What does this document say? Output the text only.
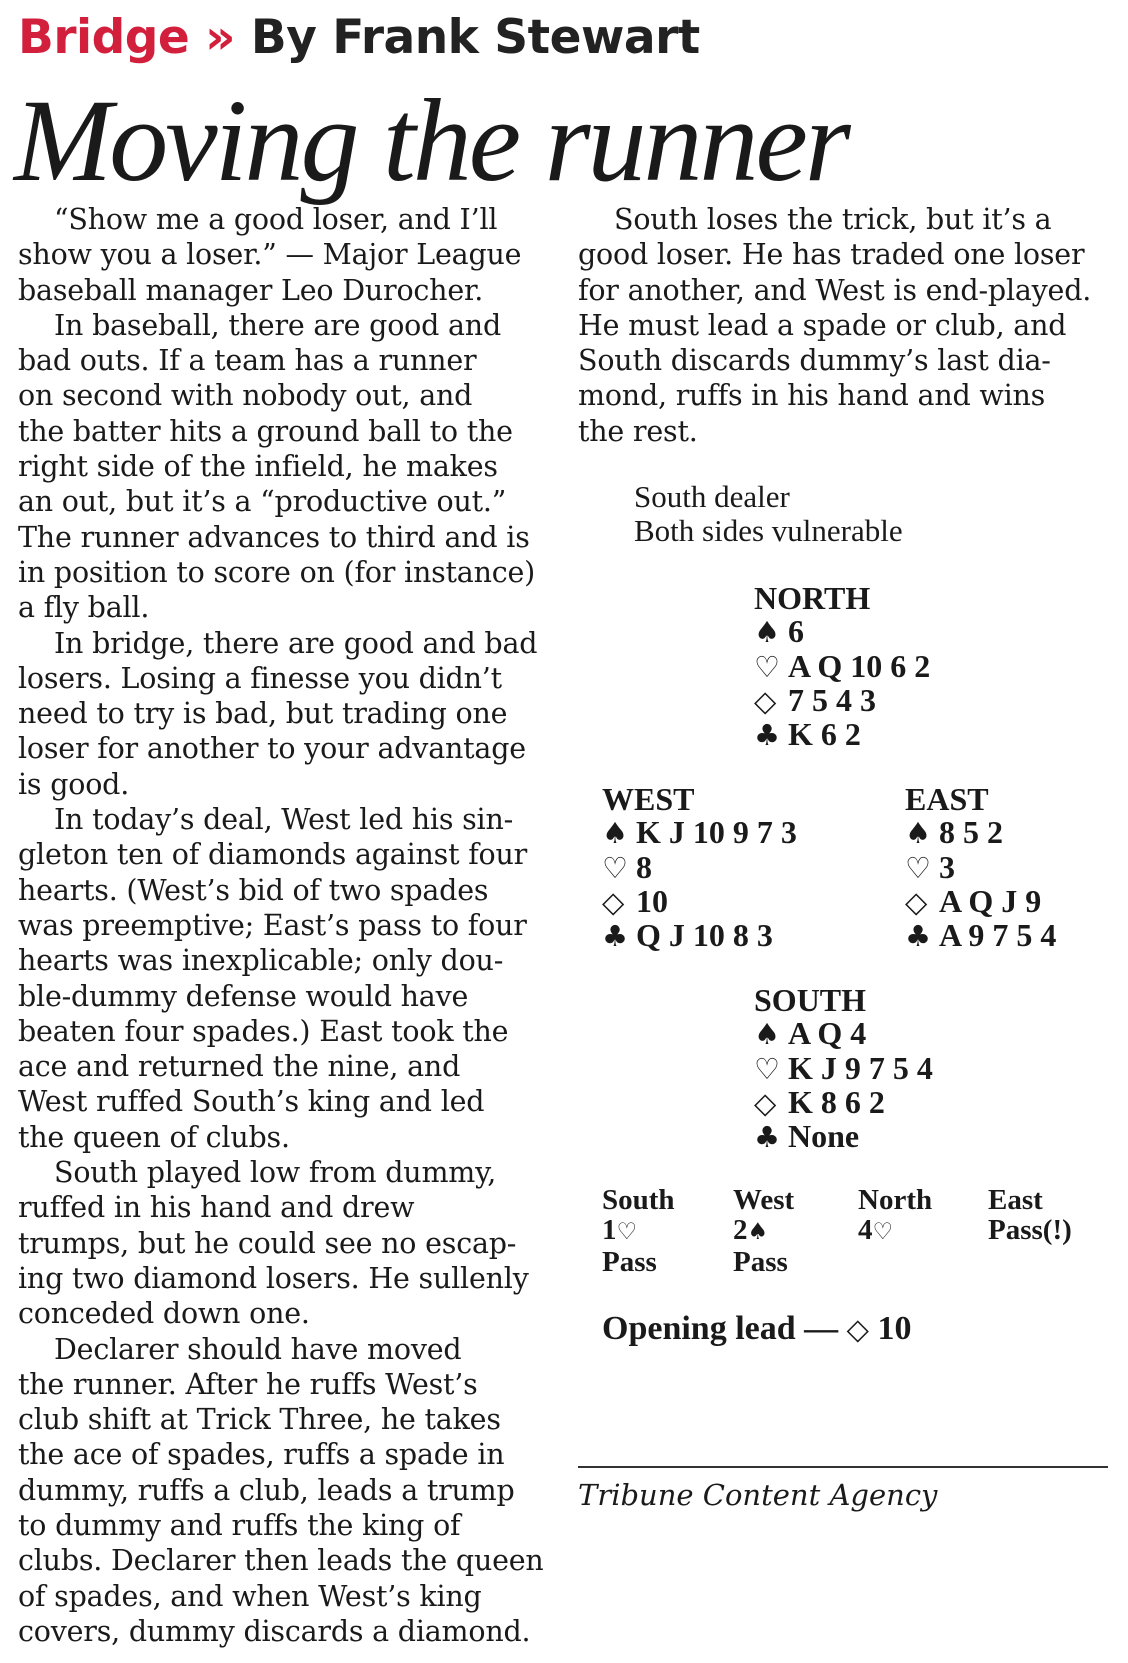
Bridge » By Frank Stewart
Moving the runner
“Show me a good loser, and I’ll
show you a loser.” — Major League
baseball manager Leo Durocher.
In baseball, there are good and
bad outs. If a team has a runner
on second with nobody out, and
the batter hits a ground ball to the
right side of the infield, he makes
an out, but it’s a “productive out.”
The runner advances to third and is
in position to score on (for instance)
a fly ball.
In bridge, there are good and bad
losers. Losing a finesse you didn’t
need to try is bad, but trading one
loser for another to your advantage
is good.
In today’s deal, West led his sin-
gleton ten of diamonds against four
hearts. (West’s bid of two spades
was preemptive; East’s pass to four
hearts was inexplicable; only dou-
ble-dummy defense would have
beaten four spades.) East took the
ace and returned the nine, and
West ruffed South’s king and led
the queen of clubs.
South played low from dummy,
ruffed in his hand and drew
trumps, but he could see no escap-
ing two diamond losers. He sullenly
conceded down one.
Declarer should have moved
the runner. After he ruffs West’s
club shift at Trick Three, he takes
the ace of spades, ruffs a spade in
dummy, ruffs a club, leads a trump
to dummy and ruffs the king of
clubs. Declarer then leads the queen
of spades, and when West’s king
covers, dummy discards a diamond.
South loses the trick, but it’s a
good loser. He has traded one loser
for another, and West is end-played.
He must lead a spade or club, and
South discards dummy’s last dia-
mond, ruffs in his hand and wins
the rest.
South dealer
Both sides vulnerable
NORTH
♠ 6
♡ A Q 10 6 2
◇ 7 5 4 3
♣ K 6 2
WEST
♠ K J 10 9 7 3
♡ 8
◇ 10
♣ Q J 10 8 3
EAST
♠ 8 5 2
♡ 3
◇ A Q J 9
♣ A 9 7 5 4
SOUTH
♠ A Q 4
♡ K J 9 7 5 4
◇ K 8 6 2
♣ None
South
1♡
Pass
West
2♠
Pass
North
4♡
East
Pass(!)
Opening lead — ◇ 10
Tribune Content Agency
